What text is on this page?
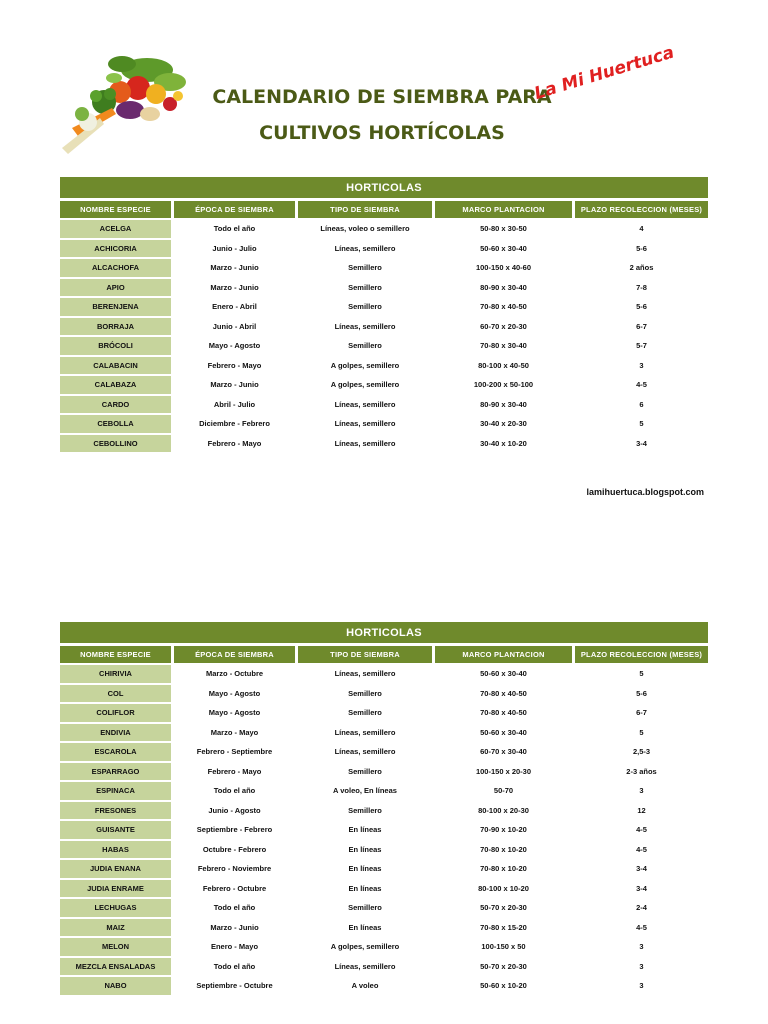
CALENDARIO DE SIEMBRA PARA
CULTIVOS HORTÍCOLAS
La Mi Huertuca
HORTICOLAS
NOMBRE ESPECIE	ÉPOCA DE SIEMBRA	TIPO DE SIEMBRA	MARCO PLANTACION	PLAZO RECOLECCION (MESES)
ACELGA	Todo el año	Líneas, voleo o semillero	50-80 x 30-50	4
ACHICORIA	Junio - Julio	Líneas, semillero	50-60 x 30-40	5-6
ALCACHOFA	Marzo - Junio	Semillero	100-150 x 40-60	2 años
APIO	Marzo - Junio	Semillero	80-90 x 30-40	7-8
BERENJENA	Enero - Abril	Semillero	70-80 x 40-50	5-6
BORRAJA	Junio - Abril	Líneas, semillero	60-70 x 20-30	6-7
BRÓCOLI	Mayo - Agosto	Semillero	70-80 x 30-40	5-7
CALABACIN	Febrero - Mayo	A golpes, semillero	80-100 x 40-50	3
CALABAZA	Marzo - Junio	A golpes, semillero	100-200 x 50-100	4-5
CARDO	Abril - Julio	Líneas, semillero	80-90 x 30-40	6
CEBOLLA	Diciembre - Febrero	Líneas, semillero	30-40 x 20-30	5
CEBOLLINO	Febrero - Mayo	Líneas, semillero	30-40 x 10-20	3-4
lamihuertuca.blogspot.com
HORTICOLAS
NOMBRE ESPECIE	ÉPOCA DE SIEMBRA	TIPO DE SIEMBRA	MARCO PLANTACION	PLAZO RECOLECCION (MESES)
CHIRIVIA	Marzo - Octubre	Líneas, semillero	50-60 x 30-40	5
COL	Mayo - Agosto	Semillero	70-80 x 40-50	5-6
COLIFLOR	Mayo - Agosto	Semillero	70-80 x 40-50	6-7
ENDIVIA	Marzo - Mayo	Líneas, semillero	50-60 x 30-40	5
ESCAROLA	Febrero - Septiembre	Líneas, semillero	60-70 x 30-40	2,5-3
ESPARRAGO	Febrero - Mayo	Semillero	100-150 x 20-30	2-3 años
ESPINACA	Todo el año	A voleo, En líneas	50-70	3
FRESONES	Junio - Agosto	Semillero	80-100 x 20-30	12
GUISANTE	Septiembre - Febrero	En líneas	70-90 x 10-20	4-5
HABAS	Octubre - Febrero	En líneas	70-80 x 10-20	4-5
JUDIA ENANA	Febrero - Noviembre	En líneas	70-80 x 10-20	3-4
JUDIA ENRAME	Febrero - Octubre	En líneas	80-100 x 10-20	3-4
LECHUGAS	Todo el año	Semillero	50-70 x 20-30	2-4
MAIZ	Marzo - Junio	En líneas	70-80 x 15-20	4-5
MELON	Enero - Mayo	A golpes, semillero	100-150 x 50	3
MEZCLA ENSALADAS	Todo el año	Líneas, semillero	50-70 x 20-30	3
NABO	Septiembre - Octubre	A voleo	50-60 x 10-20	3
